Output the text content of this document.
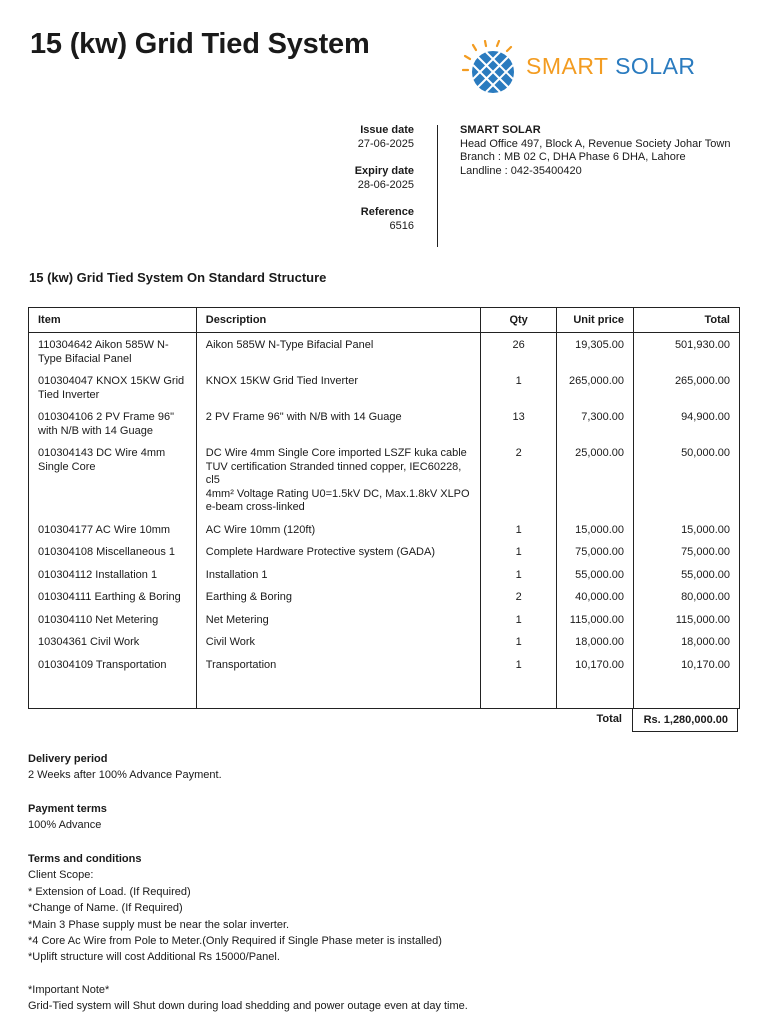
15 (kw) Grid Tied System
SMART SOLAR
Issue date
27-06-2025
Expiry date
28-06-2025
Reference
6516
SMART SOLAR
Head Office 497, Block A, Revenue Society Johar Town
Branch : MB 02 C, DHA Phase 6 DHA, Lahore
Landline : 042-35400420
15 (kw) Grid Tied System On Standard Structure
Item	Description	Qty	Unit price	Total
110304642 Aikon 585W N-Type Bifacial Panel	Aikon 585W N-Type Bifacial Panel	26	19,305.00	501,930.00
010304047 KNOX 15KW Grid Tied Inverter	KNOX 15KW Grid Tied Inverter	1	265,000.00	265,000.00
010304106 2 PV Frame 96" with N/B with 14 Guage	2 PV Frame 96" with N/B with 14 Guage	13	7,300.00	94,900.00
010304143 DC Wire 4mm Single Core	DC Wire 4mm Single Core imported LSZF kuka cable TUV certification Stranded tinned copper, IEC60228, cl5
4mm² Voltage Rating U0=1.5kV DC, Max.1.8kV XLPO e-beam cross-linked	2	25,000.00	50,000.00
010304177 AC Wire 10mm	AC Wire 10mm (120ft)	1	15,000.00	15,000.00
010304108 Miscellaneous 1	Complete Hardware Protective system (GADA)	1	75,000.00	75,000.00
010304112 Installation 1	Installation 1	1	55,000.00	55,000.00
010304111 Earthing & Boring	Earthing & Boring	2	40,000.00	80,000.00
010304110 Net Metering	Net Metering	1	115,000.00	115,000.00
10304361 Civil Work	Civil Work	1	18,000.00	18,000.00
010304109 Transportation	Transportation	1	10,170.00	10,170.00

Total	Rs. 1,280,000.00
Delivery period
2 Weeks after 100% Advance Payment.
Payment terms
100% Advance
Terms and conditions
Client Scope:
* Extension of Load. (If Required)
*Change of Name. (If Required)
*Main 3 Phase supply must be near the solar inverter.
*4 Core Ac Wire from Pole to Meter.(Only Required if Single Phase meter is installed)
*Uplift structure will cost Additional Rs 15000/Panel.
*Important Note*
Grid-Tied system will Shut down during load shedding and power outage even at day time.
